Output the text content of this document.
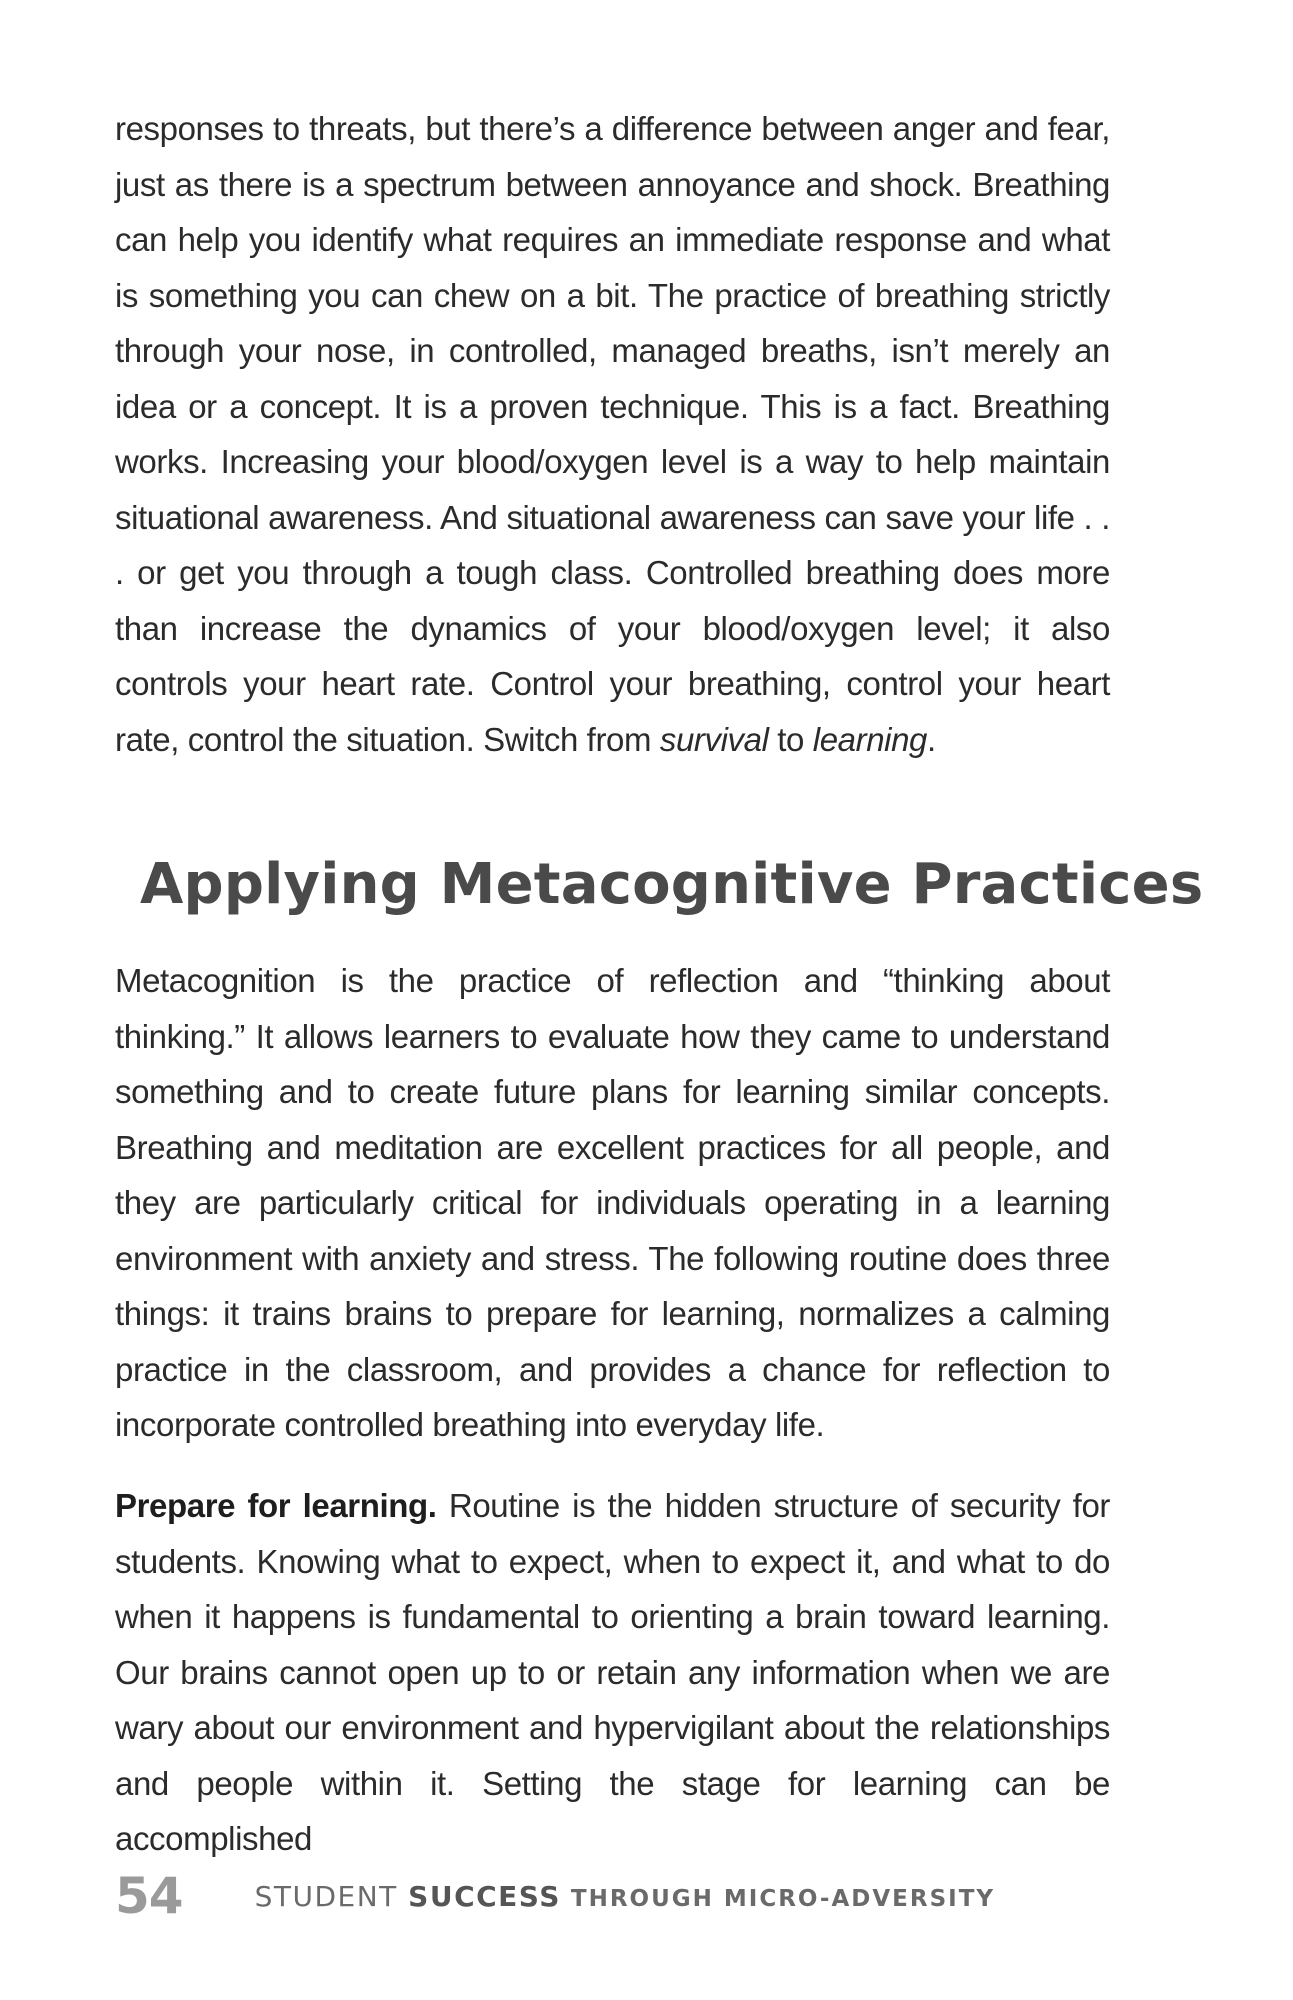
responses to threats, but there’s a difference between anger and fear, just as there is a spectrum between annoyance and shock. Breathing can help you identify what requires an immediate response and what is something you can chew on a bit. The practice of breathing strictly through your nose, in controlled, managed breaths, isn’t merely an idea or a concept. It is a proven technique. This is a fact. Breathing works. Increasing your blood/oxygen level is a way to help maintain situational awareness. And situational awareness can save your life . . . or get you through a tough class. Controlled breathing does more than increase the dynamics of your blood/oxygen level; it also controls your heart rate. Control your breathing, control your heart rate, control the situation. Switch from survival to learning.

Applying Metacognitive Practices

Metacognition is the practice of reflection and “thinking about thinking.” It allows learners to evaluate how they came to understand something and to create future plans for learning similar concepts. Breathing and meditation are excellent practices for all people, and they are particularly critical for individuals operating in a learning environment with anxiety and stress. The following routine does three things: it trains brains to prepare for learning, normalizes a calming practice in the classroom, and provides a chance for reflection to incorporate controlled breathing into everyday life.

Prepare for learning. Routine is the hidden structure of security for students. Knowing what to expect, when to expect it, and what to do when it happens is fundamental to orienting a brain toward learning. Our brains cannot open up to or retain any information when we are wary about our environment and hypervigilant about the relationships and people within it. Setting the stage for learning can be accomplished

54	STUDENT SUCCESS THROUGH MICRO-ADVERSITY
